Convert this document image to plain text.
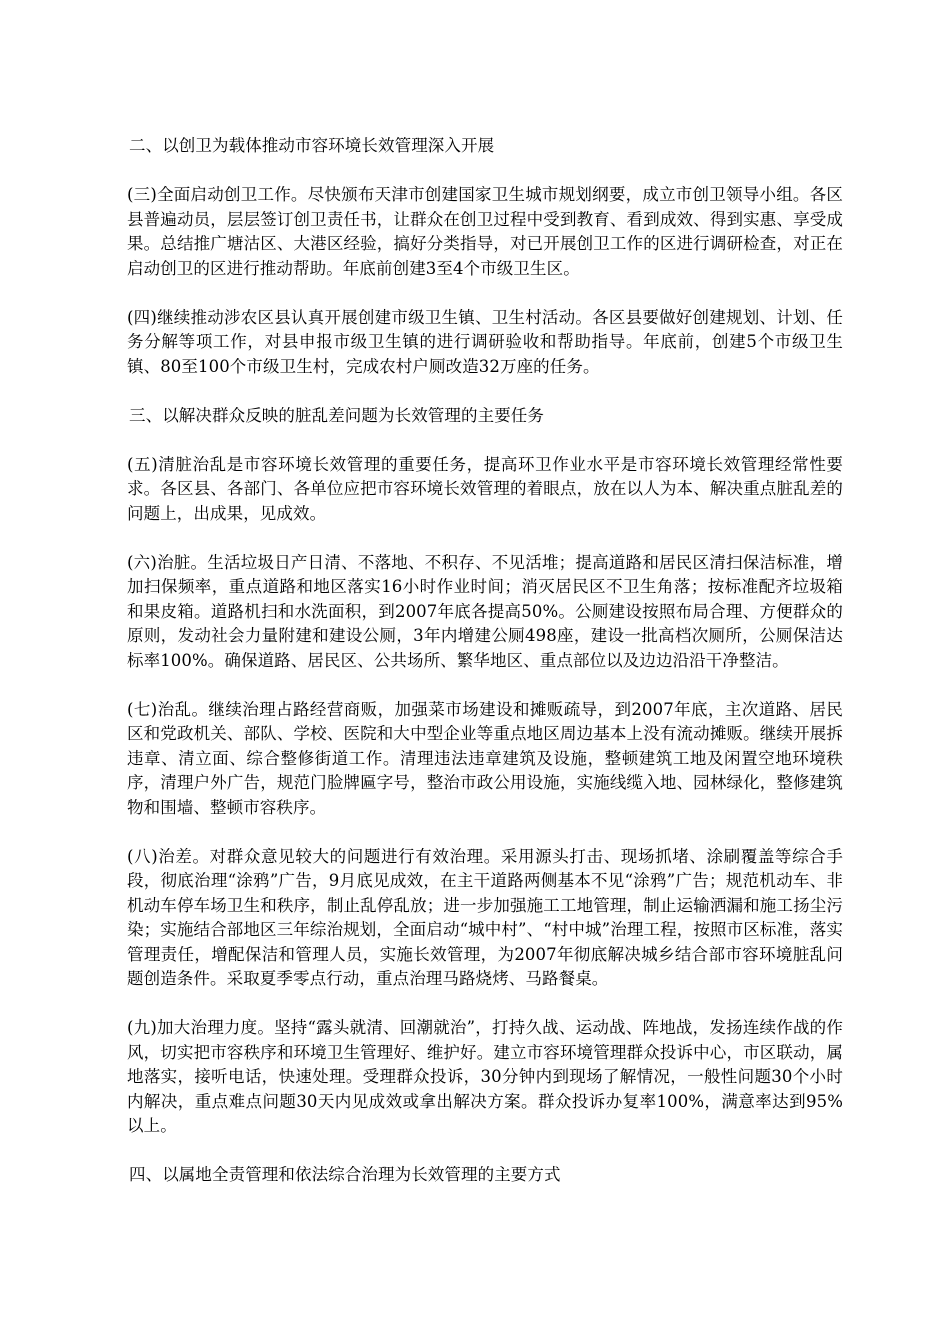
二、以创卫为载体推动市容环境长效管理深入开展

(三)全面启动创卫工作。尽快颁布天津市创建国家卫生城市规划纲要，成立市创卫领导小组。各区县普遍动员，层层签订创卫责任书，让群众在创卫过程中受到教育、看到成效、得到实惠、享受成果。总结推广塘沽区、大港区经验，搞好分类指导，对已开展创卫工作的区进行调研检查，对正在启动创卫的区进行推动帮助。年底前创建3至4个市级卫生区。

(四)继续推动涉农区县认真开展创建市级卫生镇、卫生村活动。各区县要做好创建规划、计划、任务分解等项工作，对县申报市级卫生镇的进行调研验收和帮助指导。年底前，创建5个市级卫生镇、80至100个市级卫生村，完成农村户厕改造32万座的任务。

三、以解决群众反映的脏乱差问题为长效管理的主要任务

(五)清脏治乱是市容环境长效管理的重要任务，提高环卫作业水平是市容环境长效管理经常性要求。各区县、各部门、各单位应把市容环境长效管理的着眼点，放在以人为本、解决重点脏乱差的问题上，出成果，见成效。

(六)治脏。生活垃圾日产日清、不落地、不积存、不见活堆；提高道路和居民区清扫保洁标准，增加扫保频率，重点道路和地区落实16小时作业时间；消灭居民区不卫生角落；按标准配齐垃圾箱和果皮箱。道路机扫和水洗面积，到2007年底各提高50%。公厕建设按照布局合理、方便群众的原则，发动社会力量附建和建设公厕，3年内增建公厕498座，建设一批高档次厕所，公厕保洁达标率100%。确保道路、居民区、公共场所、繁华地区、重点部位以及边边沿沿干净整洁。

(七)治乱。继续治理占路经营商贩，加强菜市场建设和摊贩疏导，到2007年底，主次道路、居民区和党政机关、部队、学校、医院和大中型企业等重点地区周边基本上没有流动摊贩。继续开展拆违章、清立面、综合整修街道工作。清理违法违章建筑及设施，整顿建筑工地及闲置空地环境秩序，清理户外广告，规范门脸牌匾字号，整治市政公用设施，实施线缆入地、园林绿化，整修建筑物和围墙、整顿市容秩序。

(八)治差。对群众意见较大的问题进行有效治理。采用源头打击、现场抓堵、涂刷覆盖等综合手段，彻底治理“涂鸦”广告，9月底见成效，在主干道路两侧基本不见“涂鸦”广告；规范机动车、非机动车停车场卫生和秩序，制止乱停乱放；进一步加强施工工地管理，制止运输洒漏和施工扬尘污染；实施结合部地区三年综治规划，全面启动“城中村”、“村中城”治理工程，按照市区标准，落实管理责任，增配保洁和管理人员，实施长效管理，为2007年彻底解决城乡结合部市容环境脏乱问题创造条件。采取夏季零点行动，重点治理马路烧烤、马路餐桌。

(九)加大治理力度。坚持“露头就清、回潮就治”，打持久战、运动战、阵地战，发扬连续作战的作风，切实把市容秩序和环境卫生管理好、维护好。建立市容环境管理群众投诉中心，市区联动，属地落实，接听电话，快速处理。受理群众投诉，30分钟内到现场了解情况，一般性问题30个小时内解决，重点难点问题30天内见成效或拿出解决方案。群众投诉办复率100%，满意率达到95%以上。

四、以属地全责管理和依法综合治理为长效管理的主要方式
